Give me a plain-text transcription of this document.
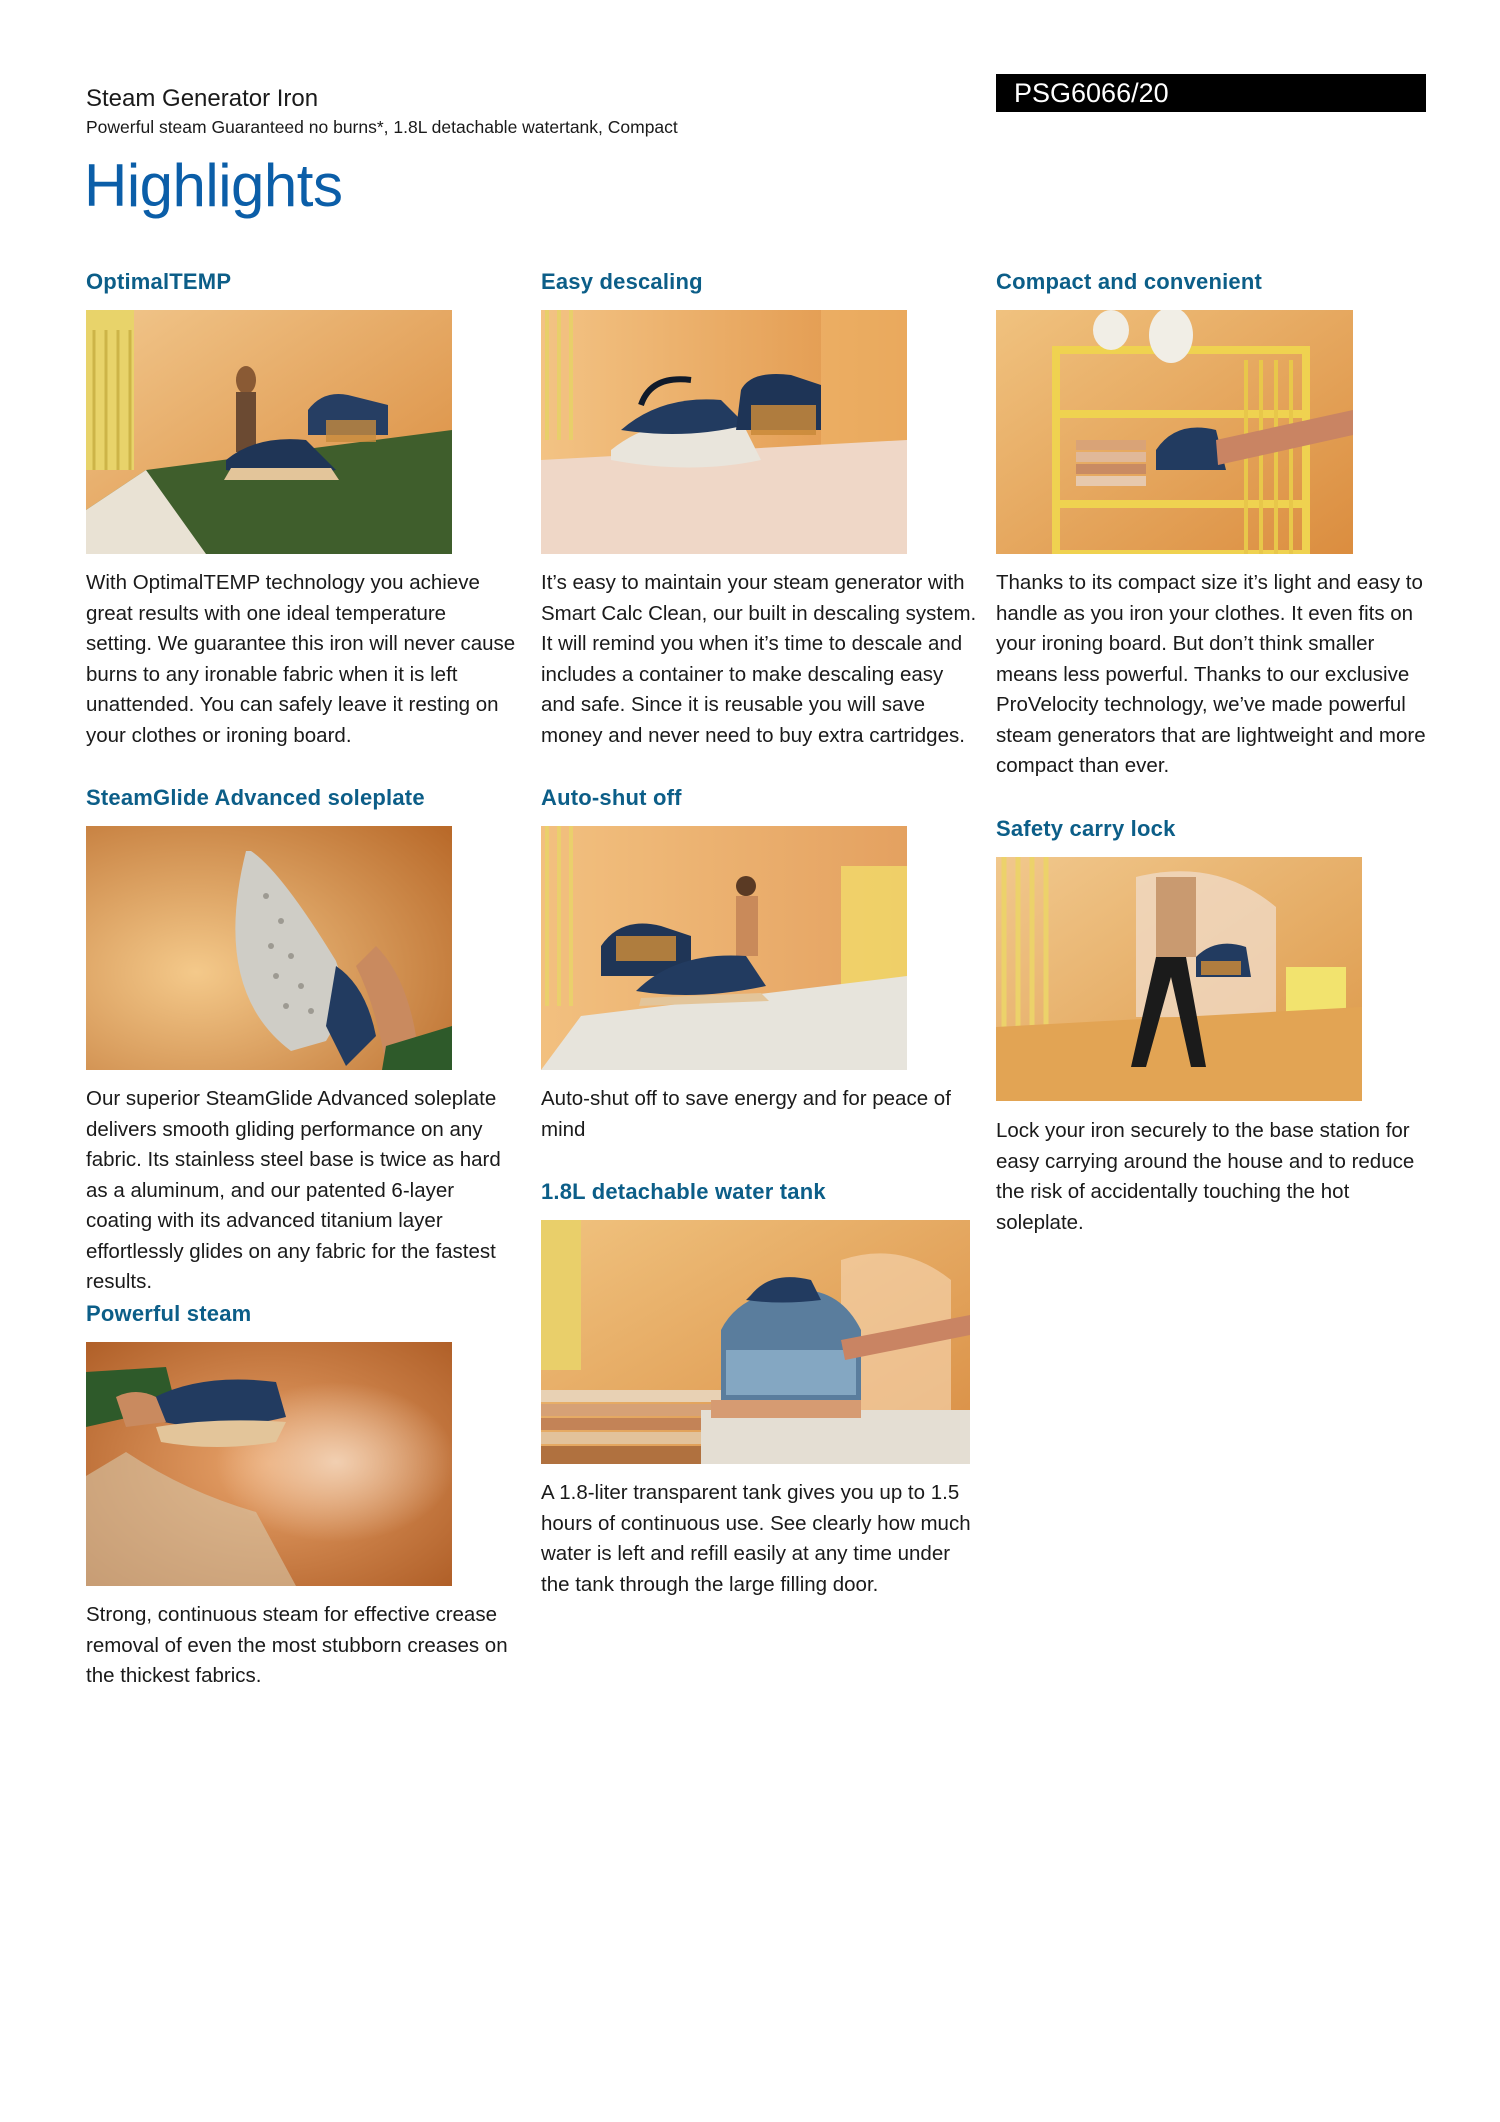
Steam Generator Iron
Powerful steam Guaranteed no burns*, 1.8L detachable watertank, Compact
PSG6066/20
Highlights
OptimalTEMP

With OptimalTEMP technology you achieve great results with one ideal temperature setting. We guarantee this iron will never cause burns to any ironable fabric when it is left unattended. You can safely leave it resting on your clothes or ironing board.

Easy descaling

It’s easy to maintain your steam generator with Smart Calc Clean, our built in descaling system. It will remind you when it’s time to descale and includes a container to make descaling easy and safe. Since it is reusable you will save money and never need to buy extra cartridges.

Compact and convenient

Thanks to its compact size it’s light and easy to handle as you iron your clothes. It even fits on your ironing board. But don’t think smaller means less powerful. Thanks to our exclusive ProVelocity technology, we’ve made powerful steam generators that are lightweight and more compact than ever.

SteamGlide Advanced soleplate

Our superior SteamGlide Advanced soleplate delivers smooth gliding performance on any fabric. Its stainless steel base is twice as hard as a aluminum, and our patented 6-layer coating with its advanced titanium layer effortlessly glides on any fabric for the fastest results.

Auto-shut off

Auto-shut off to save energy and for peace of mind

Safety carry lock

Lock your iron securely to the base station for easy carrying around the house and to reduce the risk of accidentally touching the hot soleplate.

Powerful steam

Strong, continuous steam for effective crease removal of even the most stubborn creases on the thickest fabrics.

1.8L detachable water tank

A 1.8-liter transparent tank gives you up to 1.5 hours of continuous use. See clearly how much water is left and refill easily at any time under the tank through the large filling door.
